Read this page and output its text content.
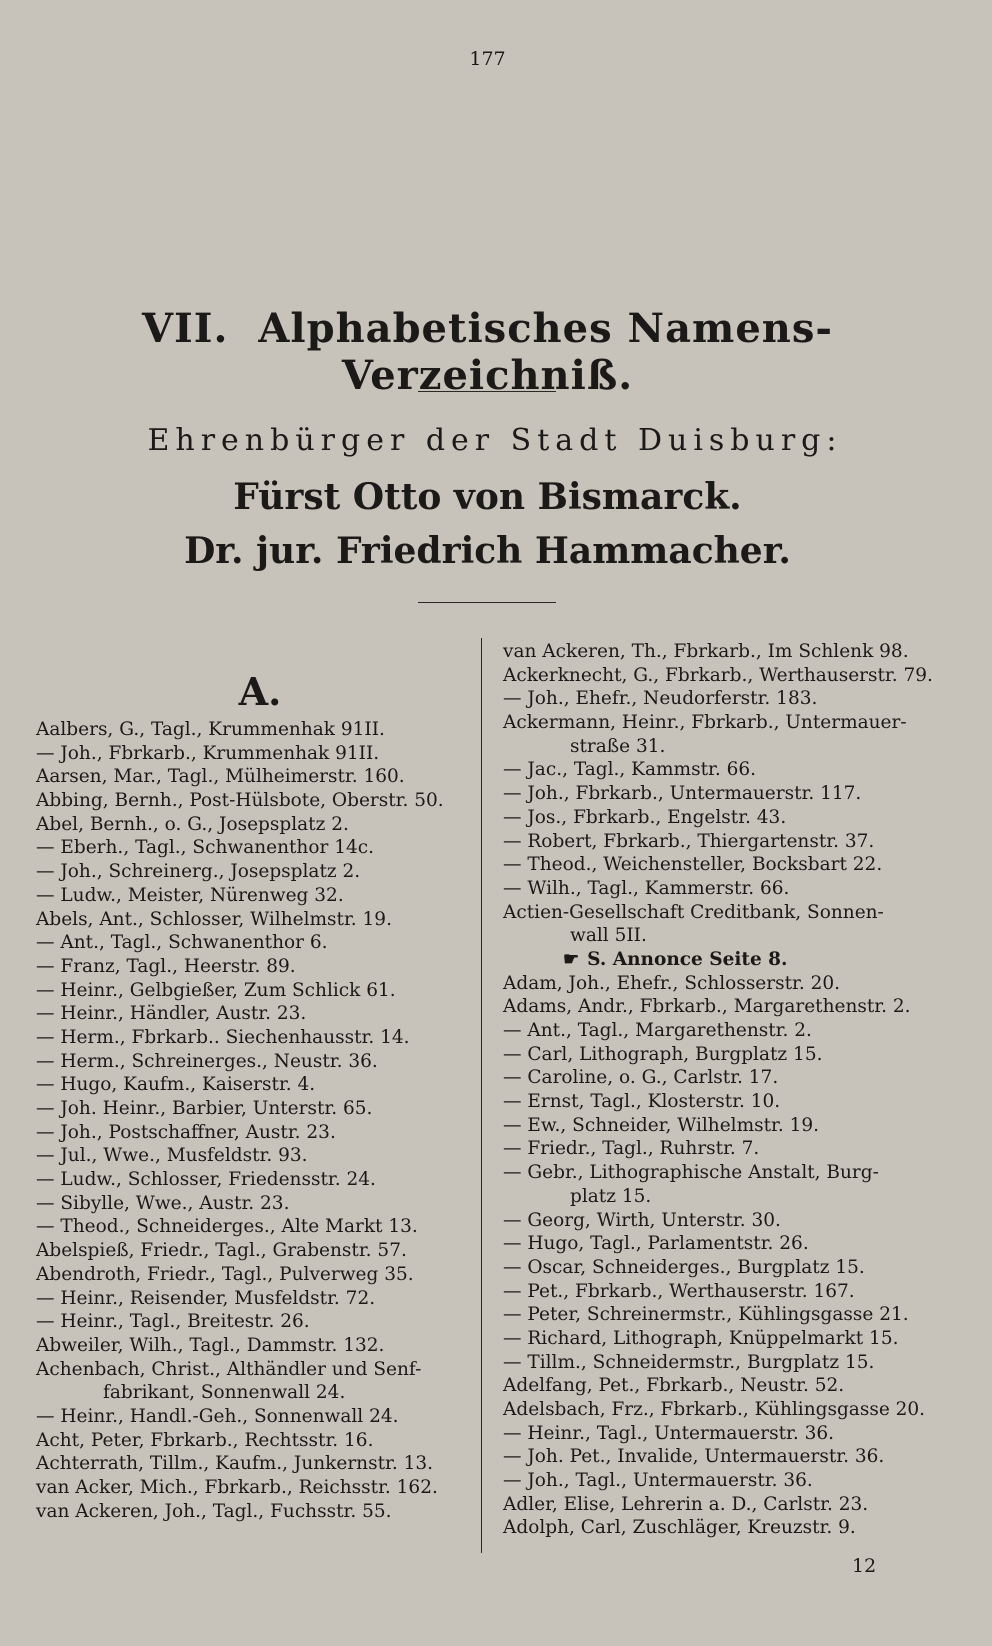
177
VII. Alphabetisches Namens-Verzeichniß.
Ehrenbürger der Stadt Duisburg:
Fürst Otto von Bismarck.
Dr. jur. Friedrich Hammacher.
A.
Aalbers, G., Tagl., Krummenhak 91II.
— Joh., Fbrkarb., Krummenhak 91II.
Aarsen, Mar., Tagl., Mülheimerstr. 160.
Abbing, Bernh., Post-Hülsbote, Oberstr. 50.
Abel, Bernh., o. G., Josepsplatz 2.
— Eberh., Tagl., Schwanenthor 14c.
— Joh., Schreinerg., Josepsplatz 2.
— Ludw., Meister, Nürenweg 32.
Abels, Ant., Schlosser, Wilhelmstr. 19.
— Ant., Tagl., Schwanenthor 6.
— Franz, Tagl., Heerstr. 89.
— Heinr., Gelbgießer, Zum Schlick 61.
— Heinr., Händler, Austr. 23.
— Herm., Fbrkarb.. Siechenhausstr. 14.
— Herm., Schreinerges., Neustr. 36.
— Hugo, Kaufm., Kaiserstr. 4.
— Joh. Heinr., Barbier, Unterstr. 65.
— Joh., Postschaffner, Austr. 23.
— Jul., Wwe., Musfeldstr. 93.
— Ludw., Schlosser, Friedensstr. 24.
— Sibylle, Wwe., Austr. 23.
— Theod., Schneiderges., Alte Markt 13.
Abelspieß, Friedr., Tagl., Grabenstr. 57.
Abendroth, Friedr., Tagl., Pulverweg 35.
— Heinr., Reisender, Musfeldstr. 72.
— Heinr., Tagl., Breitestr. 26.
Abweiler, Wilh., Tagl., Dammstr. 132.
Achenbach, Christ., Althändler und Senf-
fabrikant, Sonnenwall 24.
— Heinr., Handl.-Geh., Sonnenwall 24.
Acht, Peter, Fbrkarb., Rechtsstr. 16.
Achterrath, Tillm., Kaufm., Junkernstr. 13.
van Acker, Mich., Fbrkarb., Reichsstr. 162.
van Ackeren, Joh., Tagl., Fuchsstr. 55.
van Ackeren, Th., Fbrkarb., Im Schlenk 98.
Ackerknecht, G., Fbrkarb., Werthauserstr. 79.
— Joh., Ehefr., Neudorferstr. 183.
Ackermann, Heinr., Fbrkarb., Untermauer-
straße 31.
— Jac., Tagl., Kammstr. 66.
— Joh., Fbrkarb., Untermauerstr. 117.
— Jos., Fbrkarb., Engelstr. 43.
— Robert, Fbrkarb., Thiergartenstr. 37.
— Theod., Weichensteller, Bocksbart 22.
— Wilh., Tagl., Kammerstr. 66.
Actien-Gesellschaft Creditbank, Sonnen-
wall 5II.
☛ S. Annonce Seite 8.
Adam, Joh., Ehefr., Schlosserstr. 20.
Adams, Andr., Fbrkarb., Margarethenstr. 2.
— Ant., Tagl., Margarethenstr. 2.
— Carl, Lithograph, Burgplatz 15.
— Caroline, o. G., Carlstr. 17.
— Ernst, Tagl., Klosterstr. 10.
— Ew., Schneider, Wilhelmstr. 19.
— Friedr., Tagl., Ruhrstr. 7.
— Gebr., Lithographische Anstalt, Burg-
platz 15.
— Georg, Wirth, Unterstr. 30.
— Hugo, Tagl., Parlamentstr. 26.
— Oscar, Schneiderges., Burgplatz 15.
— Pet., Fbrkarb., Werthauserstr. 167.
— Peter, Schreinermstr., Kühlingsgasse 21.
— Richard, Lithograph, Knüppelmarkt 15.
— Tillm., Schneidermstr., Burgplatz 15.
Adelfang, Pet., Fbrkarb., Neustr. 52.
Adelsbach, Frz., Fbrkarb., Kühlingsgasse 20.
— Heinr., Tagl., Untermauerstr. 36.
— Joh. Pet., Invalide, Untermauerstr. 36.
— Joh., Tagl., Untermauerstr. 36.
Adler, Elise, Lehrerin a. D., Carlstr. 23.
Adolph, Carl, Zuschläger, Kreuzstr. 9.
12
